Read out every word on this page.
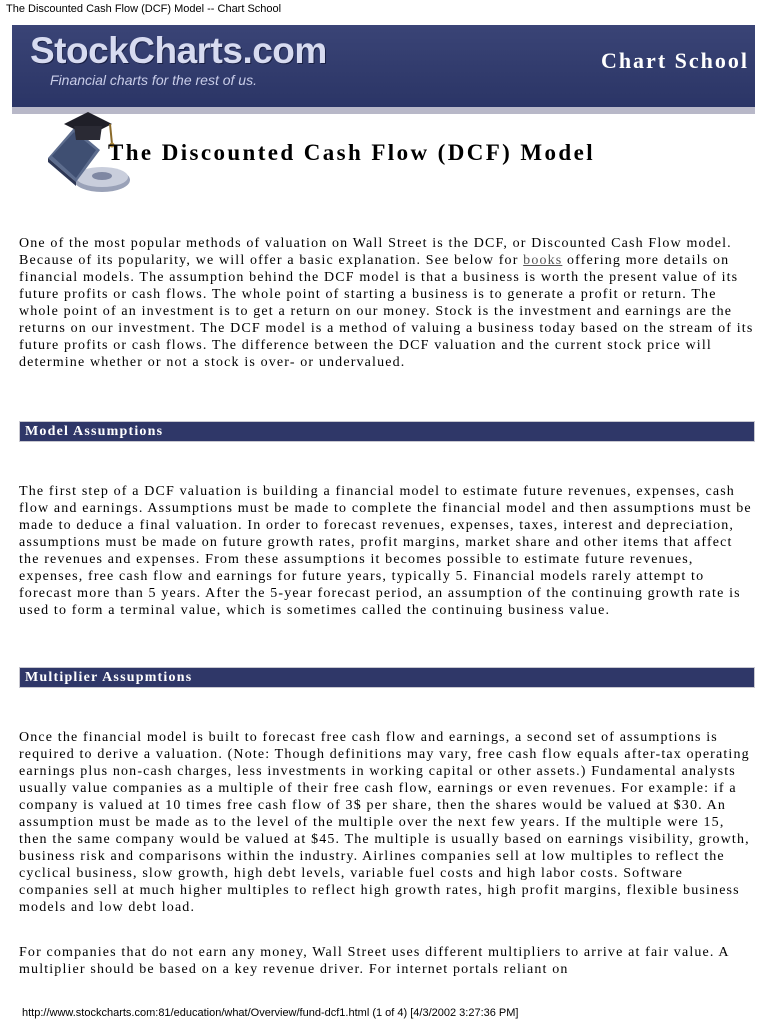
The Discounted Cash Flow (DCF) Model -- Chart School
StockCharts.com
Financial charts for the rest of us.
Chart School
The Discounted Cash Flow (DCF) Model

One of the most popular methods of valuation on Wall Street is the DCF, or Discounted Cash Flow model. Because of its popularity, we will offer a basic explanation. See below for books offering more details on financial models. The assumption behind the DCF model is that a business is worth the present value of its future profits or cash flows. The whole point of starting a business is to generate a profit or return. The whole point of an investment is to get a return on our money. Stock is the investment and earnings are the returns on our investment. The DCF model is a method of valuing a business today based on the stream of its future profits or cash flows. The difference between the DCF valuation and the current stock price will determine whether or not a stock is over- or undervalued.

Model Assumptions

The first step of a DCF valuation is building a financial model to estimate future revenues, expenses, cash flow and earnings. Assumptions must be made to complete the financial model and then assumptions must be made to deduce a final valuation. In order to forecast revenues, expenses, taxes, interest and depreciation, assumptions must be made on future growth rates, profit margins, market share and other items that affect the revenues and expenses. From these assumptions it becomes possible to estimate future revenues, expenses, free cash flow and earnings for future years, typically 5. Financial models rarely attempt to forecast more than 5 years. After the 5-year forecast period, an assumption of the continuing growth rate is used to form a terminal value, which is sometimes called the continuing business value.

Multiplier Assupmtions

Once the financial model is built to forecast free cash flow and earnings, a second set of assumptions is required to derive a valuation. (Note: Though definitions may vary, free cash flow equals after-tax operating earnings plus non-cash charges, less investments in working capital or other assets.) Fundamental analysts usually value companies as a multiple of their free cash flow, earnings or even revenues. For example: if a company is valued at 10 times free cash flow of 3$ per share, then the shares would be valued at $30. An assumption must be made as to the level of the multiple over the next few years. If the multiple were 15, then the same company would be valued at $45. The multiple is usually based on earnings visibility, growth, business risk and comparisons within the industry. Airlines companies sell at low multiples to reflect the cyclical business, slow growth, high debt levels, variable fuel costs and high labor costs. Software companies sell at much higher multiples to reflect high growth rates, high profit margins, flexible business models and low debt load.

For companies that do not earn any money, Wall Street uses different multipliers to arrive at fair value. A multiplier should be based on a key revenue driver. For internet portals reliant on

http://www.stockcharts.com:81/education/what/Overview/fund-dcf1.html (1 of 4) [4/3/2002 3:27:36 PM]
